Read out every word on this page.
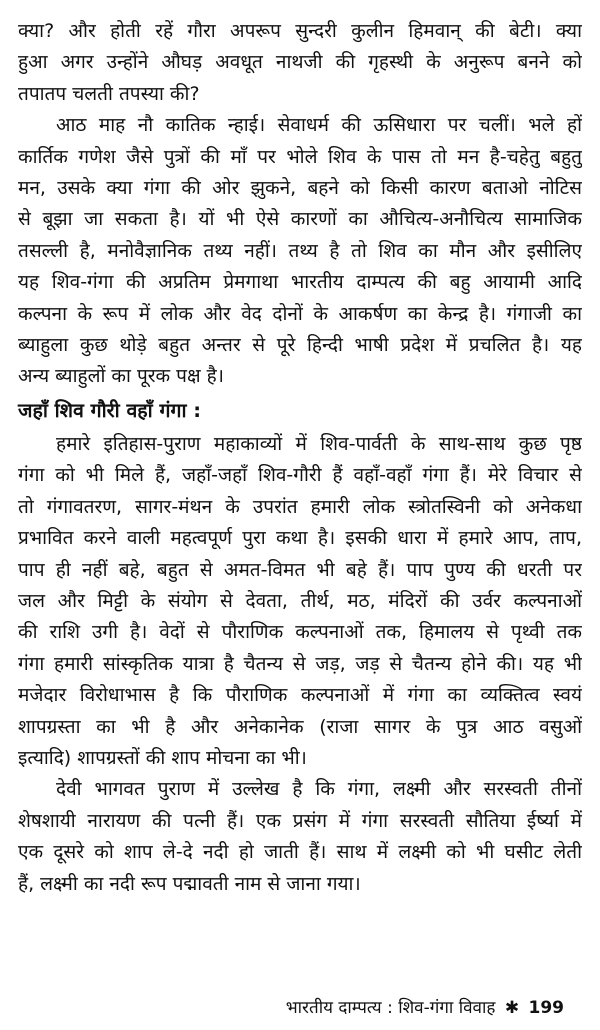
क्या? और होती रहें गौरा अपरूप सुन्दरी कुलीन हिमवान् की बेटी। क्या
हुआ अगर उन्होंने औघड़ अवधूत नाथजी की गृहस्थी के अनुरूप बनने को
तपातप चलती तपस्या की?
आठ माह नौ कातिक न्हाई। सेवाधर्म की ऊसिधारा पर चलीं। भले हों
कार्तिक गणेश जैसे पुत्रों की माँ पर भोले शिव के पास तो मन है-चहेतु बहुतु
मन, उसके क्या गंगा की ओर झुकने, बहने को किसी कारण बताओ नोटिस
से बूझा जा सकता है। यों भी ऐसे कारणों का औचित्य-अनौचित्य सामाजिक
तसल्ली है, मनोवैज्ञानिक तथ्य नहीं। तथ्य है तो शिव का मौन और इसीलिए
यह शिव-गंगा की अप्रतिम प्रेमगाथा भारतीय दाम्पत्य की बहु आयामी आदि
कल्पना के रूप में लोक और वेद दोनों के आकर्षण का केन्द्र है। गंगाजी का
ब्याहुला कुछ थोड़े बहुत अन्तर से पूरे हिन्दी भाषी प्रदेश में प्रचलित है। यह
अन्य ब्याहुलों का पूरक पक्ष है।
जहाँ शिव गौरी वहाँ गंगा :
हमारे इतिहास-पुराण महाकाव्यों में शिव-पार्वती के साथ-साथ कुछ पृष्ठ
गंगा को भी मिले हैं, जहाँ-जहाँ शिव-गौरी हैं वहाँ-वहाँ गंगा हैं। मेरे विचार से
तो गंगावतरण, सागर-मंथन के उपरांत हमारी लोक स्त्रोतस्विनी को अनेकधा
प्रभावित करने वाली महत्वपूर्ण पुरा कथा है। इसकी धारा में हमारे आप, ताप,
पाप ही नहीं बहे, बहुत से अमत-विमत भी बहे हैं। पाप पुण्य की धरती पर
जल और मिट्टी के संयोग से देवता, तीर्थ, मठ, मंदिरों की उर्वर कल्पनाओं
की राशि उगी है। वेदों से पौराणिक कल्पनाओं तक, हिमालय से पृथ्वी तक
गंगा हमारी सांस्कृतिक यात्रा है चैतन्य से जड़, जड़ से चैतन्य होने की। यह भी
मजेदार विरोधाभास है कि पौराणिक कल्पनाओं में गंगा का व्यक्तित्व स्वयं
शापग्रस्ता का भी है और अनेकानेक (राजा सागर के पुत्र आठ वसुओं
इत्यादि) शापग्रस्तों की शाप मोचना का भी।
देवी भागवत पुराण में उल्लेख है कि गंगा, लक्ष्मी और सरस्वती तीनों
शेषशायी नारायण की पत्नी हैं। एक प्रसंग में गंगा सरस्वती सौतिया ईर्ष्या में
एक दूसरे को शाप ले-दे नदी हो जाती हैं। साथ में लक्ष्मी को भी घसीट लेती
हैं, लक्ष्मी का नदी रूप पद्मावती नाम से जाना गया।
भारतीय दाम्पत्य : शिव-गंगा विवाह ✱ 199
